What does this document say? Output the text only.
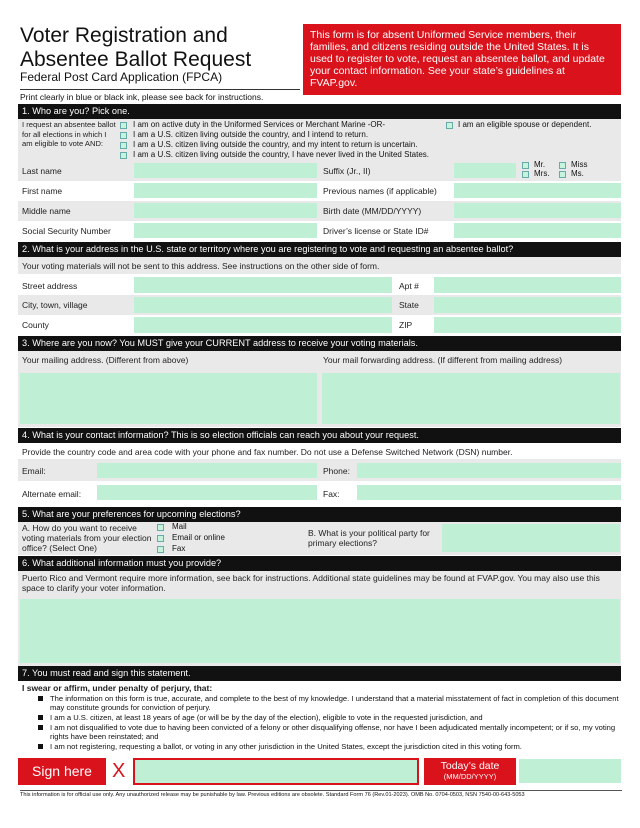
Voter Registration and
Absentee Ballot Request
Federal Post Card Application (FPCA)
Print clearly in blue or black ink, please see back for instructions.
This form is for absent Uniformed Service members, their families, and citizens residing outside the United States. It is used to register to vote, request an absentee ballot, and update your contact information. See your state’s guidelines at FVAP.gov.
1. Who are you? Pick one.
I request an absentee ballot for all elections in which I am eligible to vote AND:
I am on active duty in the Uniformed Services or Merchant Marine -OR-	I am an eligible spouse or dependent.
I am a U.S. citizen living outside the country, and I intend to return.
I am a U.S. citizen living outside the country, and my intent to return is uncertain.
I am a U.S. citizen living outside the country, I have never lived in the United States.
Last name	Suffix (Jr., II)
Mr.	Miss
Mrs.	Ms.
First name	Previous names (if applicable)
Middle name	Birth date (MM/DD/YYYY)
Social Security Number	Driver’s license or State ID#
2. What is your address in the U.S. state or territory where you are registering to vote and requesting an absentee ballot?
Your voting materials will not be sent to this address. See instructions on the other side of form.
Street address	Apt #
City, town, village	State
County	ZIP
3. Where are you now? You MUST give your CURRENT address to receive your voting materials.
Your mailing address. (Different from above)	Your mail forwarding address. (If different from mailing address)
4. What is your contact information? This is so election officials can reach you about your request.
Provide the country code and area code with your phone and fax number. Do not use a Defense Switched Network (DSN) number.
Email:	Phone:
Alternate email:	Fax:
5. What are your preferences for upcoming elections?
A. How do you want to receive voting materials from your election office? (Select One)
Mail
Email or online
Fax
B. What is your political party for primary elections?
6. What additional information must you provide?
Puerto Rico and Vermont require more information, see back for instructions. Additional state guidelines may be found at FVAP.gov. You may also use this space to clarify your voter information.
7. You must read and sign this statement.
I swear or affirm, under penalty of perjury, that:
The information on this form is true, accurate, and complete to the best of my knowledge. I understand that a material misstatement of fact in completion of this document may constitute grounds for conviction of perjury.
I am a U.S. citizen, at least 18 years of age (or will be by the day of the election), eligible to vote in the requested jurisdiction, and
I am not disqualified to vote due to having been convicted of a felony or other disqualifying offense, nor have I been adjudicated mentally incompetent; or if so, my voting rights have been reinstated; and
I am not registering, requesting a ballot, or voting in any other jurisdiction in the United States, except the jurisdiction cited in this voting form.
Sign here	X	Today’s date
(MM/DD/YYYY)
This information is for official use only. Any unauthorized release may be punishable by law. Previous editions are obsolete. Standard Form 76 (Rev.01-2023). OMB No. 0704-0503, NSN 7540-00-643-5053
